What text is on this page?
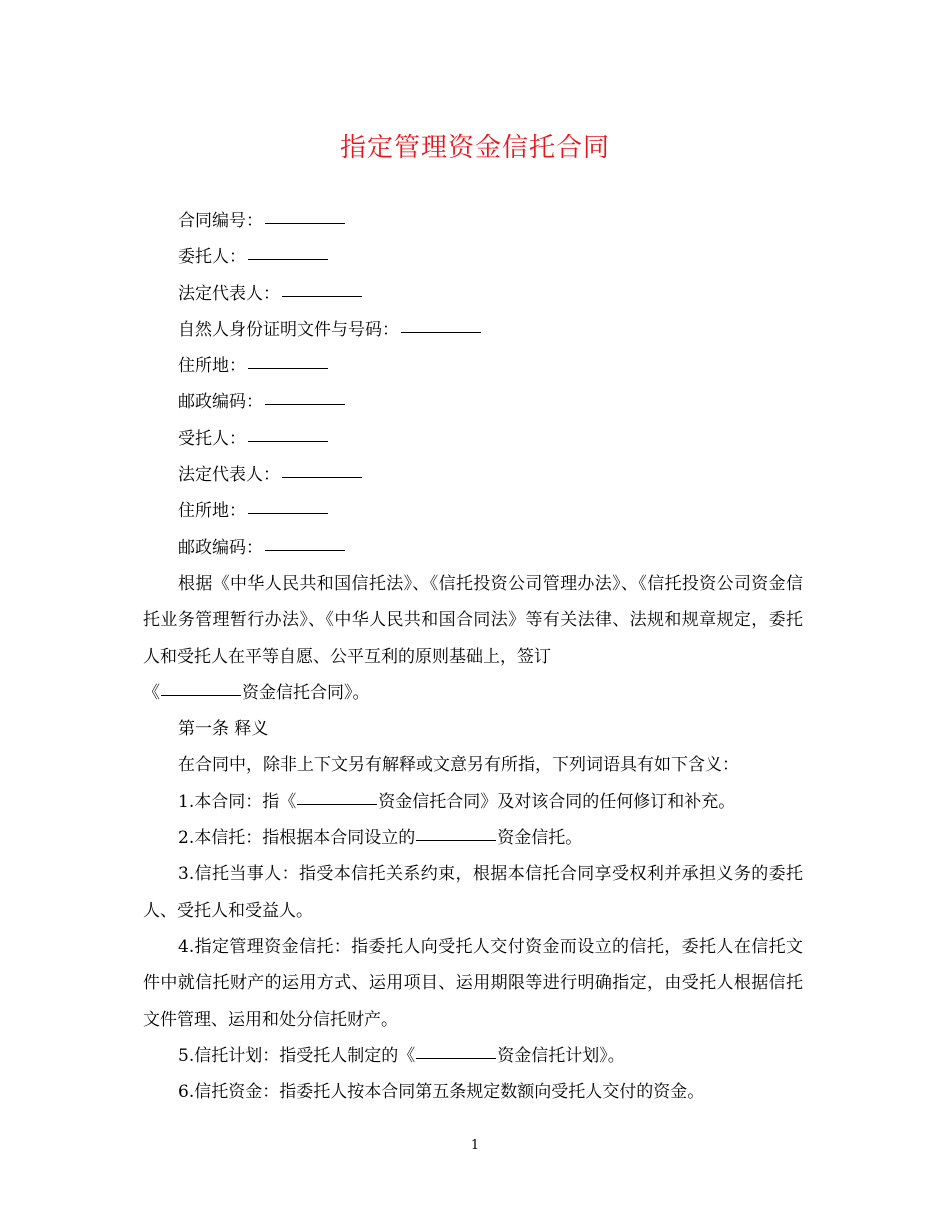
指定管理资金信托合同
合同编号：
委托人：
法定代表人：
自然人身份证明文件与号码：
住所地：
邮政编码：
受托人：
法定代表人：
住所地：
邮政编码：
根据《中华人民共和国信托法》、《信托投资公司管理办法》、《信托投资公司资金信托业务管理暂行办法》、《中华人民共和国合同法》等有关法律、法规和规章规定，委托人和受托人在平等自愿、公平互利的原则基础上，签订
《	资金信托合同》。
第一条 释义
在合同中，除非上下文另有解释或文意另有所指，下列词语具有如下含义：
1.本合同：指《	资金信托合同》及对该合同的任何修订和补充。
2.本信托：指根据本合同设立的	资金信托。
3.信托当事人：指受本信托关系约束，根据本信托合同享受权利并承担义务的委托人、受托人和受益人。
4.指定管理资金信托：指委托人向受托人交付资金而设立的信托，委托人在信托文件中就信托财产的运用方式、运用项目、运用期限等进行明确指定，由受托人根据信托文件管理、运用和处分信托财产。
5.信托计划：指受托人制定的《	资金信托计划》。
6.信托资金：指委托人按本合同第五条规定数额向受托人交付的资金。
1
